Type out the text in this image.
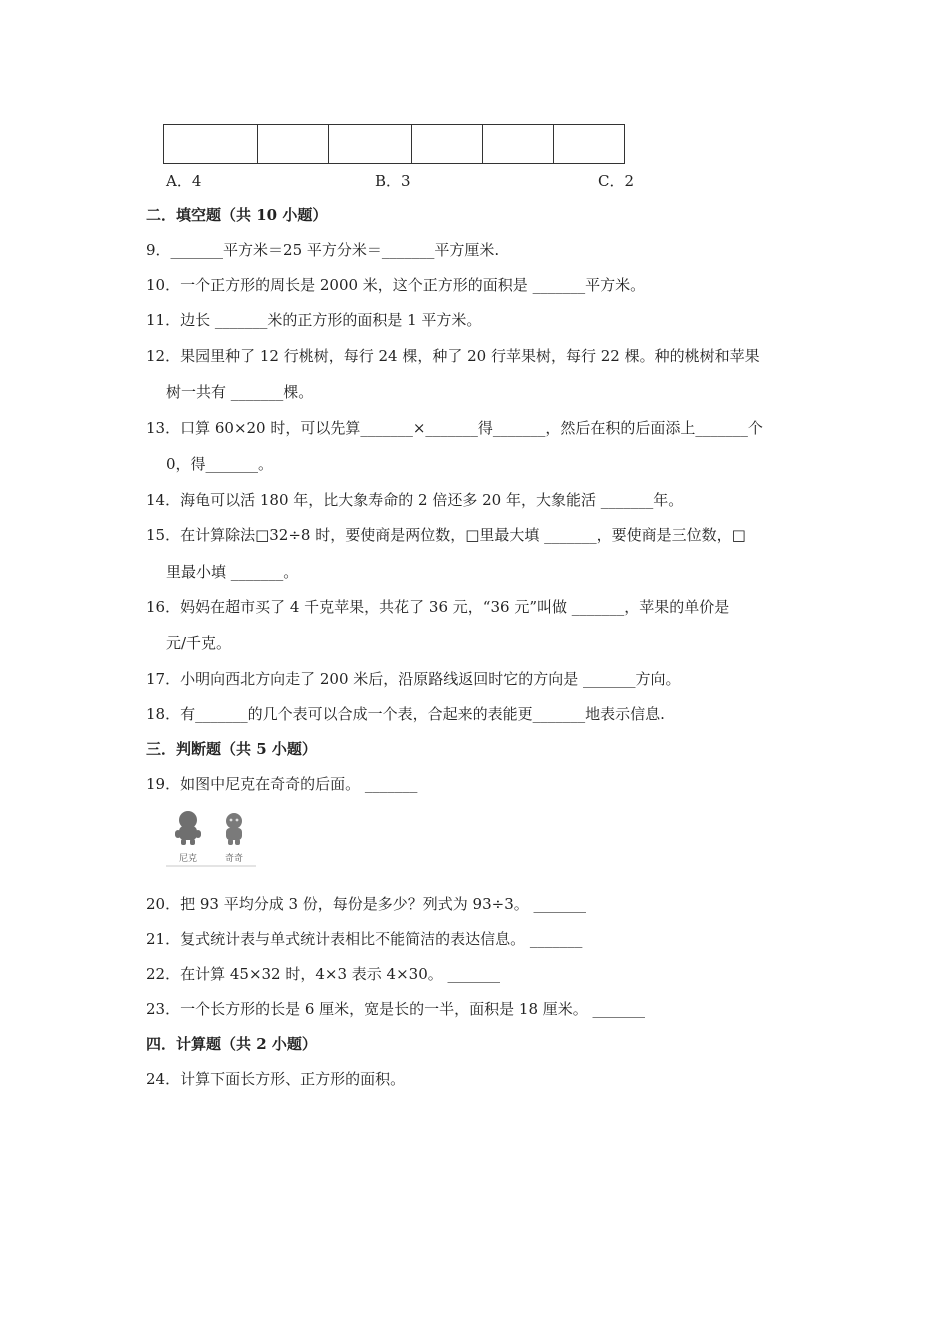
A．4	B．3	C．2
二．填空题（共 10 小题）
9．_______平方米＝25 平方分米＝_______平方厘米.
10．一个正方形的周长是 2000 米，这个正方形的面积是 _______平方米。
11．边长 _______米的正方形的面积是 1 平方米。
12．果园里种了 12 行桃树，每行 24 棵，种了 20 行苹果树，每行 22 棵。种的桃树和苹果
树一共有 _______棵。
13．口算 60×20 时，可以先算_______×_______得_______，然后在积的后面添上_______个
0，得_______。
14．海龟可以活 180 年，比大象寿命的 2 倍还多 20 年，大象能活 _______年。
15．在计算除法□32÷8 时，要使商是两位数，□里最大填 _______，要使商是三位数，□
里最小填 _______。
16．妈妈在超市买了 4 千克苹果，共花了 36 元，“36 元”叫做 _______，苹果的单价是
元/千克。
17．小明向西北方向走了 200 米后，沿原路线返回时它的方向是 _______方向。
18．有_______的几个表可以合成一个表，合起来的表能更_______地表示信息.
三．判断题（共 5 小题）
19．如图中尼克在奇奇的后面。 _______
尼克	奇奇
20．把 93 平均分成 3 份，每份是多少？列式为 93÷3。 _______
21．复式统计表与单式统计表相比不能简洁的表达信息。 _______
22．在计算 45×32 时，4×3 表示 4×30。 _______
23．一个长方形的长是 6 厘米，宽是长的一半，面积是 18 厘米。 _______
四．计算题（共 2 小题）
24．计算下面长方形、正方形的面积。
